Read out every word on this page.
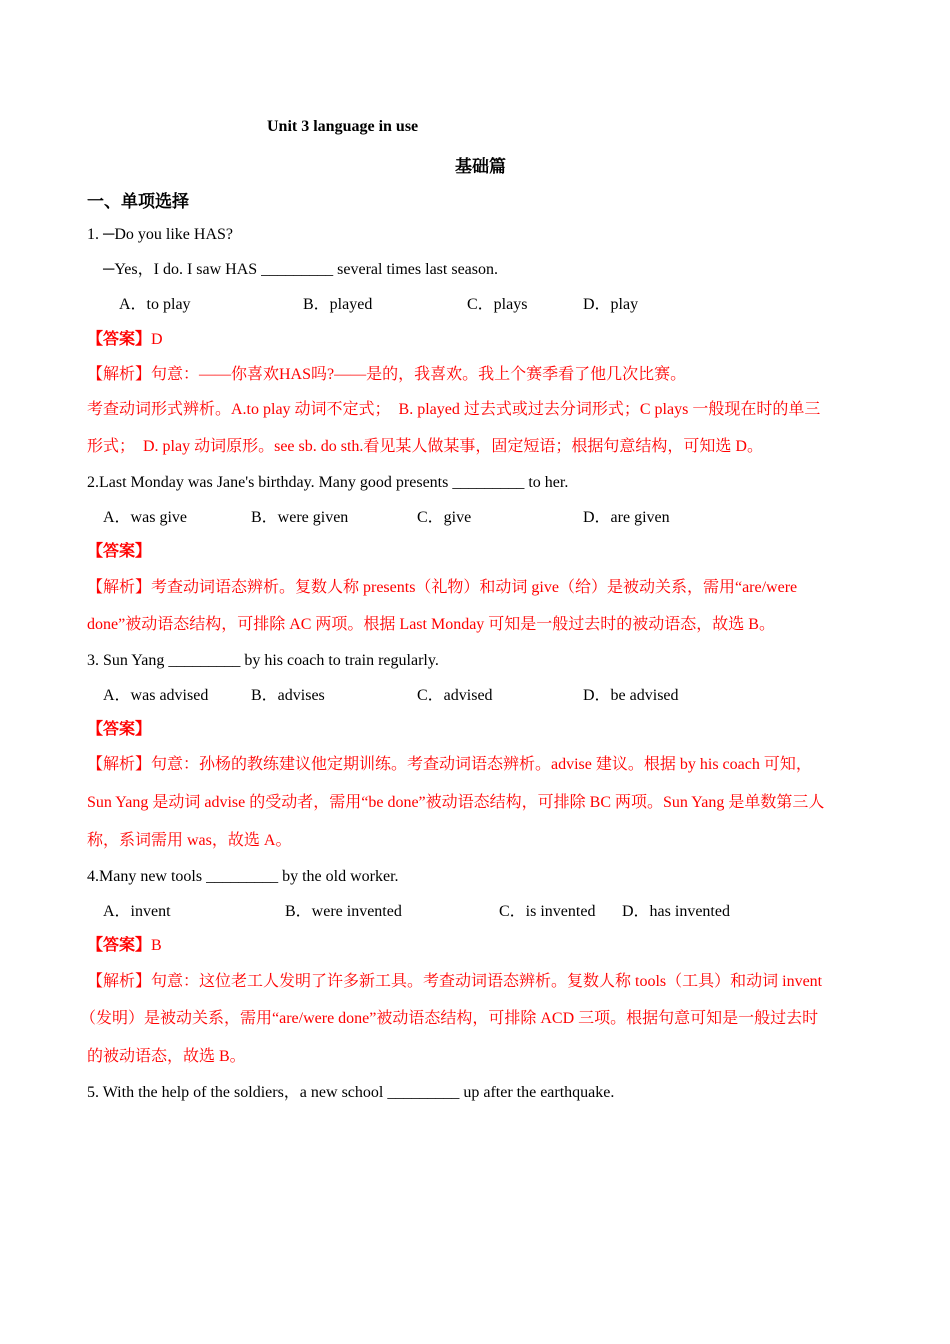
Unit 3 language in use
基础篇
一、单项选择
1. ─Do you like HAS?
─Yes，I do. I saw HAS _________ several times last season.
A．to play	B．played	C．plays	D．play
【答案】D
【解析】句意：——你喜欢HAS吗?——是的，我喜欢。我上个赛季看了他几次比赛。
考查动词形式辨析。A.to play 动词不定式；　B. played 过去式或过去分词形式；C plays 一般现在时的单三
形式；　D. play 动词原形。see sb. do sth.看见某人做某事，固定短语；根据句意结构，可知选 D。
2.Last Monday was Jane's birthday. Many good presents _________ to her.
A．was give	B．were given	C．give	D．are given
【答案】
【解析】考查动词语态辨析。复数人称 presents（礼物）和动词 give（给）是被动关系，需用“are/were
done”被动语态结构，可排除 AC 两项。根据 Last Monday 可知是一般过去时的被动语态，故选 B。
3. Sun Yang _________ by his coach to train regularly.
A．was advised	B．advises	C．advised	D．be advised
【答案】
【解析】句意：孙杨的教练建议他定期训练。考查动词语态辨析。advise 建议。根据 by his coach 可知，
Sun Yang 是动词 advise 的受动者，需用“be done”被动语态结构，可排除 BC 两项。Sun Yang 是单数第三人
称，系词需用 was，故选 A。
4.Many new tools _________ by the old worker.
A．invent	B．were invented	C．is invented D．has invented
【答案】B
【解析】句意：这位老工人发明了许多新工具。考查动词语态辨析。复数人称 tools（工具）和动词 invent
（发明）是被动关系，需用“are/were done”被动语态结构，可排除 ACD 三项。根据句意可知是一般过去时
的被动语态，故选 B。
5. With the help of the soldiers，a new school _________ up after the earthquake.
